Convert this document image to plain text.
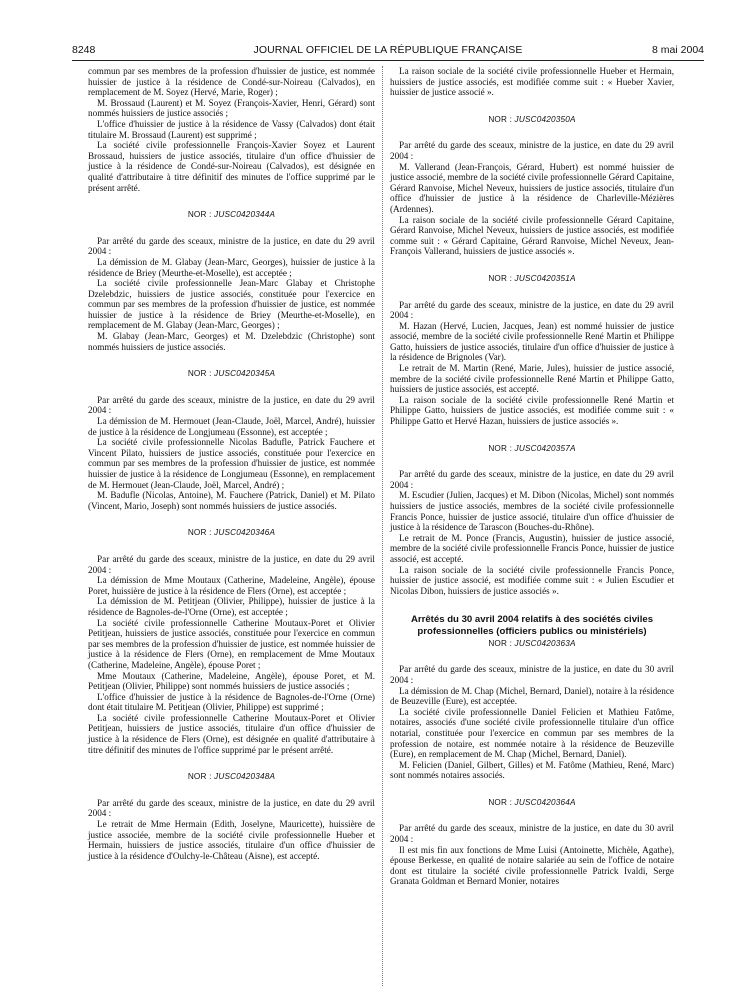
8248	JOURNAL OFFICIEL DE LA RÉPUBLIQUE FRANÇAISE	8 mai 2004

commun par ses membres de la profession d'huissier de justice, est nommée huissier de justice à la résidence de Condé-sur-Noireau (Calvados), en remplacement de M. Soyez (Hervé, Marie, Roger) ;

M. Brossaud (Laurent) et M. Soyez (François-Xavier, Henri, Gérard) sont nommés huissiers de justice associés ;

L'office d'huissier de justice à la résidence de Vassy (Calvados) dont était titulaire M. Brossaud (Laurent) est supprimé ;

La société civile professionnelle François-Xavier Soyez et Laurent Brossaud, huissiers de justice associés, titulaire d'un office d'huissier de justice à la résidence de Condé-sur-Noireau (Calvados), est désignée en qualité d'attributaire à titre définitif des minutes de l'office supprimé par le présent arrêté.

NOR : JUSC0420344A

Par arrêté du garde des sceaux, ministre de la justice, en date du 29 avril 2004 :

La démission de M. Glabay (Jean-Marc, Georges), huissier de justice à la résidence de Briey (Meurthe-et-Moselle), est acceptée ;

La société civile professionnelle Jean-Marc Glabay et Christophe Dzelebdzic, huissiers de justice associés, constituée pour l'exercice en commun par ses membres de la profession d'huissier de justice, est nommée huissier de justice à la résidence de Briey (Meurthe-et-Moselle), en remplacement de M. Glabay (Jean-Marc, Georges) ;

M. Glabay (Jean-Marc, Georges) et M. Dzelebdzic (Christophe) sont nommés huissiers de justice associés.

NOR : JUSC0420345A

Par arrêté du garde des sceaux, ministre de la justice, en date du 29 avril 2004 :

La démission de M. Hermouet (Jean-Claude, Joël, Marcel, André), huissier de justice à la résidence de Longjumeau (Essonne), est acceptée ;

La société civile professionnelle Nicolas Badufle, Patrick Fauchere et Vincent Pilato, huissiers de justice associés, constituée pour l'exercice en commun par ses membres de la profession d'huissier de justice, est nommée huissier de justice à la résidence de Longjumeau (Essonne), en remplacement de M. Hermouet (Jean-Claude, Joël, Marcel, André) ;

M. Badufle (Nicolas, Antoine), M. Fauchere (Patrick, Daniel) et M. Pilato (Vincent, Mario, Joseph) sont nommés huissiers de justice associés.

NOR : JUSC0420346A

Par arrêté du garde des sceaux, ministre de la justice, en date du 29 avril 2004 :

La démission de Mme Moutaux (Catherine, Madeleine, Angèle), épouse Poret, huissière de justice à la résidence de Flers (Orne), est acceptée ;

La démission de M. Petitjean (Olivier, Philippe), huissier de justice à la résidence de Bagnoles-de-l'Orne (Orne), est acceptée ;

La société civile professionnelle Catherine Moutaux-Poret et Olivier Petitjean, huissiers de justice associés, constituée pour l'exercice en commun par ses membres de la profession d'huissier de justice, est nommée huissier de justice à la résidence de Flers (Orne), en remplacement de Mme Moutaux (Catherine, Madeleine, Angèle), épouse Poret ;

Mme Moutaux (Catherine, Madeleine, Angèle), épouse Poret, et M. Petitjean (Olivier, Philippe) sont nommés huissiers de justice associés ;

L'office d'huissier de justice à la résidence de Bagnoles-de-l'Orne (Orne) dont était titulaire M. Petitjean (Olivier, Philippe) est supprimé ;

La société civile professionnelle Catherine Moutaux-Poret et Olivier Petitjean, huissiers de justice associés, titulaire d'un office d'huissier de justice à la résidence de Flers (Orne), est désignée en qualité d'attributaire à titre définitif des minutes de l'office supprimé par le présent arrêté.

NOR : JUSC0420348A

Par arrêté du garde des sceaux, ministre de la justice, en date du 29 avril 2004 :

Le retrait de Mme Hermain (Edith, Joselyne, Mauricette), huissière de justice associée, membre de la société civile professionnelle Hueber et Hermain, huissiers de justice associés, titulaire d'un office d'huissier de justice à la résidence d'Oulchy-le-Château (Aisne), est accepté.

La raison sociale de la société civile professionnelle Hueber et Hermain, huissiers de justice associés, est modifiée comme suit : « Hueber Xavier, huissier de justice associé ».

NOR : JUSC0420350A

Par arrêté du garde des sceaux, ministre de la justice, en date du 29 avril 2004 :

M. Vallerand (Jean-François, Gérard, Hubert) est nommé huissier de justice associé, membre de la société civile professionnelle Gérard Capitaine, Gérard Ranvoise, Michel Neveux, huissiers de justice associés, titulaire d'un office d'huissier de justice à la résidence de Charleville-Mézières (Ardennes).

La raison sociale de la société civile professionnelle Gérard Capitaine, Gérard Ranvoise, Michel Neveux, huissiers de justice associés, est modifiée comme suit : « Gérard Capitaine, Gérard Ranvoise, Michel Neveux, Jean-François Vallerand, huissiers de justice associés ».

NOR : JUSC0420351A

Par arrêté du garde des sceaux, ministre de la justice, en date du 29 avril 2004 :

M. Hazan (Hervé, Lucien, Jacques, Jean) est nommé huissier de justice associé, membre de la société civile professionnelle René Martin et Philippe Gatto, huissiers de justice associés, titulaire d'un office d'huissier de justice à la résidence de Brignoles (Var).

Le retrait de M. Martin (René, Marie, Jules), huissier de justice associé, membre de la société civile professionnelle René Martin et Philippe Gatto, huissiers de justice associés, est accepté.

La raison sociale de la société civile professionnelle René Martin et Philippe Gatto, huissiers de justice associés, est modifiée comme suit : « Philippe Gatto et Hervé Hazan, huissiers de justice associés ».

NOR : JUSC0420357A

Par arrêté du garde des sceaux, ministre de la justice, en date du 29 avril 2004 :

M. Escudier (Julien, Jacques) et M. Dibon (Nicolas, Michel) sont nommés huissiers de justice associés, membres de la société civile professionnelle Francis Ponce, huissier de justice associé, titulaire d'un office d'huissier de justice à la résidence de Tarascon (Bouches-du-Rhône).

Le retrait de M. Ponce (Francis, Augustin), huissier de justice associé, membre de la société civile professionnelle Francis Ponce, huissier de justice associé, est accepté.

La raison sociale de la société civile professionnelle Francis Ponce, huissier de justice associé, est modifiée comme suit : « Julien Escudier et Nicolas Dibon, huissiers de justice associés ».

Arrêtés du 30 avril 2004 relatifs à des sociétés civiles professionnelles (officiers publics ou ministériels)
NOR : JUSC0420363A

Par arrêté du garde des sceaux, ministre de la justice, en date du 30 avril 2004 :

La démission de M. Chap (Michel, Bernard, Daniel), notaire à la résidence de Beuzeville (Eure), est acceptée.

La société civile professionnelle Daniel Felicien et Mathieu Fatôme, notaires, associés d'une société civile professionnelle titulaire d'un office notarial, constituée pour l'exercice en commun par ses membres de la profession de notaire, est nommée notaire à la résidence de Beuzeville (Eure), en remplacement de M. Chap (Michel, Bernard, Daniel).

M. Felicien (Daniel, Gilbert, Gilles) et M. Fatôme (Mathieu, René, Marc) sont nommés notaires associés.

NOR : JUSC0420364A

Par arrêté du garde des sceaux, ministre de la justice, en date du 30 avril 2004 :

Il est mis fin aux fonctions de Mme Luisi (Antoinette, Michèle, Agathe), épouse Berkesse, en qualité de notaire salariée au sein de l'office de notaire dont est titulaire la société civile professionnelle Patrick Ivaldi, Serge Granata Goldman et Bernard Monier, notaires
